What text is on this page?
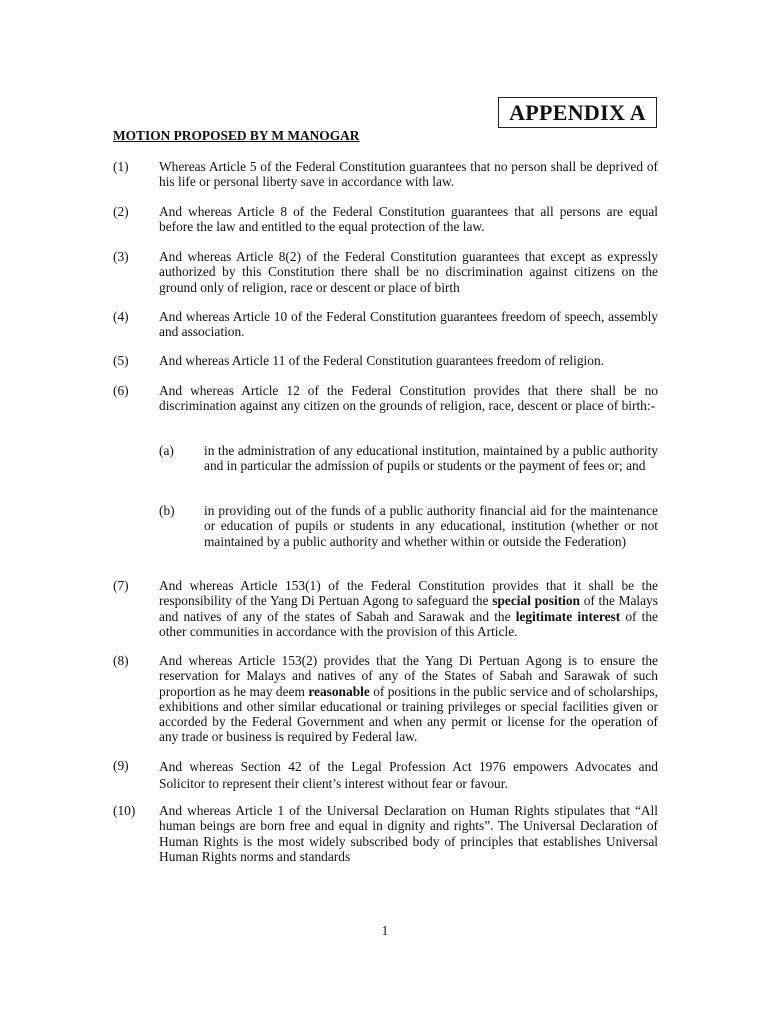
APPENDIX A
MOTION PROPOSED BY M MANOGAR
(1)	Whereas Article 5 of the Federal Constitution guarantees that no person shall be deprived of his life or personal liberty save in accordance with law.
(2)	And whereas Article 8 of the Federal Constitution guarantees that all persons are equal before the law and entitled to the equal protection of the law.
(3)	And whereas Article 8(2) of the Federal Constitution guarantees that except as expressly authorized by this Constitution there shall be no discrimination against citizens on the ground only of religion, race or descent or place of birth
(4)	And whereas Article 10 of the Federal Constitution guarantees freedom of speech, assembly and association.
(5)	And whereas Article 11 of the Federal Constitution guarantees freedom of religion.
(6)	And whereas Article 12 of the Federal Constitution provides that there shall be no discrimination against any citizen on the grounds of religion, race, descent or place of birth:-
(a)	in the administration of any educational institution, maintained by a public authority and in particular the admission of pupils or students or the payment of fees or; and
(b)	in providing out of the funds of a public authority financial aid for the maintenance or education of pupils or students in any educational, institution (whether or not maintained by a public authority and whether within or outside the Federation)
(7)	And whereas Article 153(1) of the Federal Constitution provides that it shall be the responsibility of the Yang Di Pertuan Agong to safeguard the special position of the Malays and natives of any of the states of Sabah and Sarawak and the legitimate interest of the other communities in accordance with the provision of this Article.
(8)	And whereas Article 153(2) provides that the Yang Di Pertuan Agong is to ensure the reservation for Malays and natives of any of the States of Sabah and Sarawak of such proportion as he may deem reasonable of positions in the public service and of scholarships, exhibitions and other similar educational or training privileges or special facilities given or accorded by the Federal Government and when any permit or license for the operation of any trade or business is required by Federal law.
(9)	And whereas Section 42 of the Legal Profession Act 1976 empowers Advocates and Solicitor to represent their client’s interest without fear or favour.
(10)	And whereas Article 1 of the Universal Declaration on Human Rights stipulates that “All human beings are born free and equal in dignity and rights”. The Universal Declaration of Human Rights is the most widely subscribed body of principles that establishes Universal Human Rights norms and standards
1
